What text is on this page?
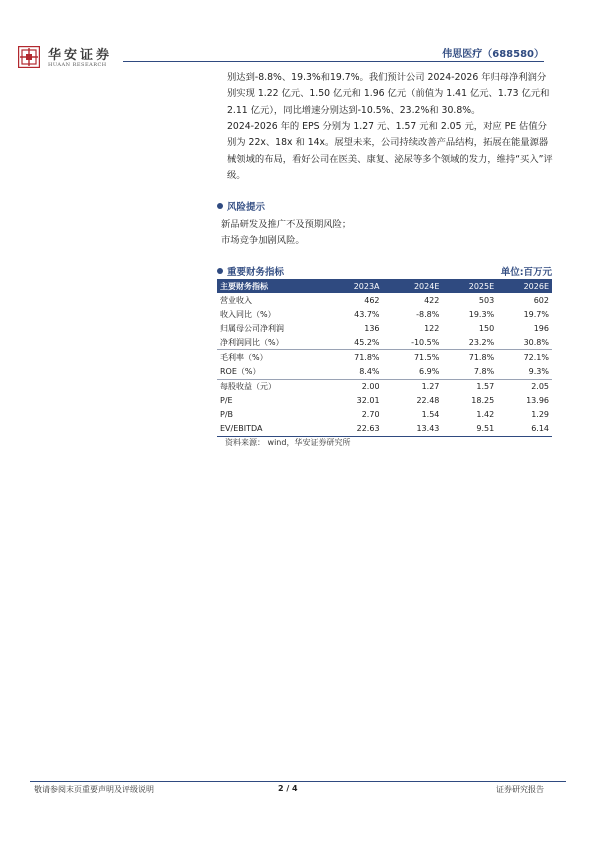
华安证券
HUAAN RESEARCH
伟思医疗（688580）
别达到-8.8%、19.3%和19.7%。我们预计公司 2024-2026 年归母净利润分别实现 1.22 亿元、1.50 亿元和 1.96 亿元（前值为 1.41 亿元、1.73 亿元和 2.11 亿元），同比增速分别达到-10.5%、23.2%和 30.8%。
2024-2026 年的 EPS 分别为 1.27 元、1.57 元和 2.05 元，对应 PE 估值分别为 22x、18x 和 14x。展望未来，公司持续改善产品结构，拓展在能量源器械领域的布局，看好公司在医美、康复、泌尿等多个领域的发力，维持“买入”评级。
风险提示
新品研发及推广不及预期风险；
市场竞争加剧风险。
重要财务指标	单位:百万元
主要财务指标	2023A	2024E	2025E	2026E
营业收入	462	422	503	602
收入同比（%）	43.7%	-8.8%	19.3%	19.7%
归属母公司净利润	136	122	150	196
净利润同比（%）	45.2%	-10.5%	23.2%	30.8%
毛利率（%）	71.8%	71.5%	71.8%	72.1%
ROE（%）	8.4%	6.9%	7.8%	9.3%
每股收益（元）	2.00	1.27	1.57	2.05
P/E	32.01	22.48	18.25	13.96
P/B	2.70	1.54	1.42	1.29
EV/EBITDA	22.63	13.43	9.51	6.14
资料来源： wind，华安证券研究所
敬请参阅末页重要声明及评级说明	2 / 4	证券研究报告
